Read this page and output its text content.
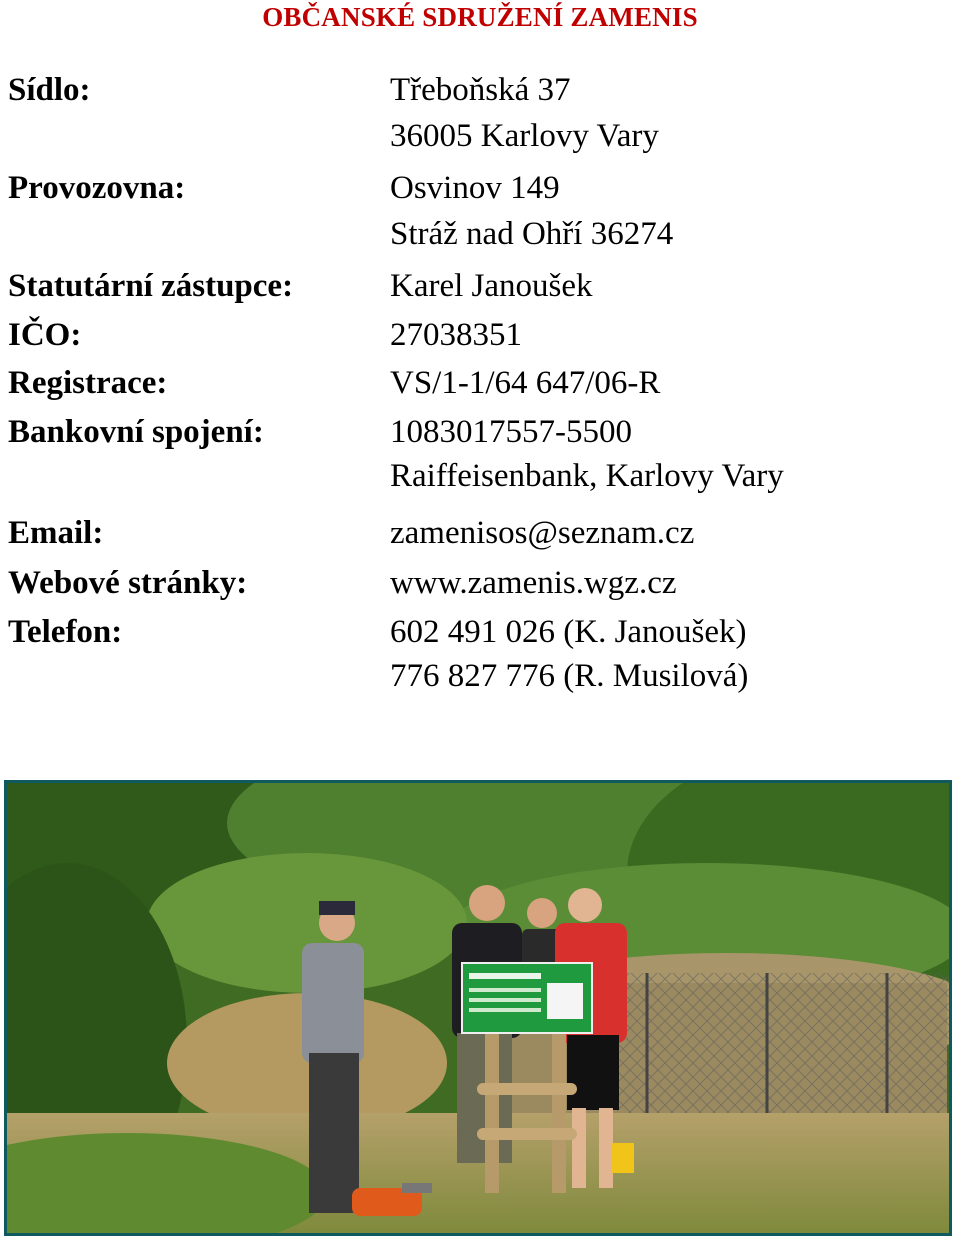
OBČANSKÉ SDRUŽENÍ ZAMENIS
Sídlo:	Třeboňská 37
36005 Karlovy Vary
Provozovna:	Osvinov 149
Stráž nad Ohří 36274
Statutární zástupce:	Karel Janoušek
IČO:	27038351
Registrace:	VS/1-1/64 647/06-R
Bankovní spojení:	1083017557-5500
Raiffeisenbank, Karlovy Vary
Email:	zamenisos@seznam.cz
Webové stránky:	www.zamenis.wgz.cz
Telefon:	602 491 026 (K. Janoušek)
776 827 776 (R. Musilová)
